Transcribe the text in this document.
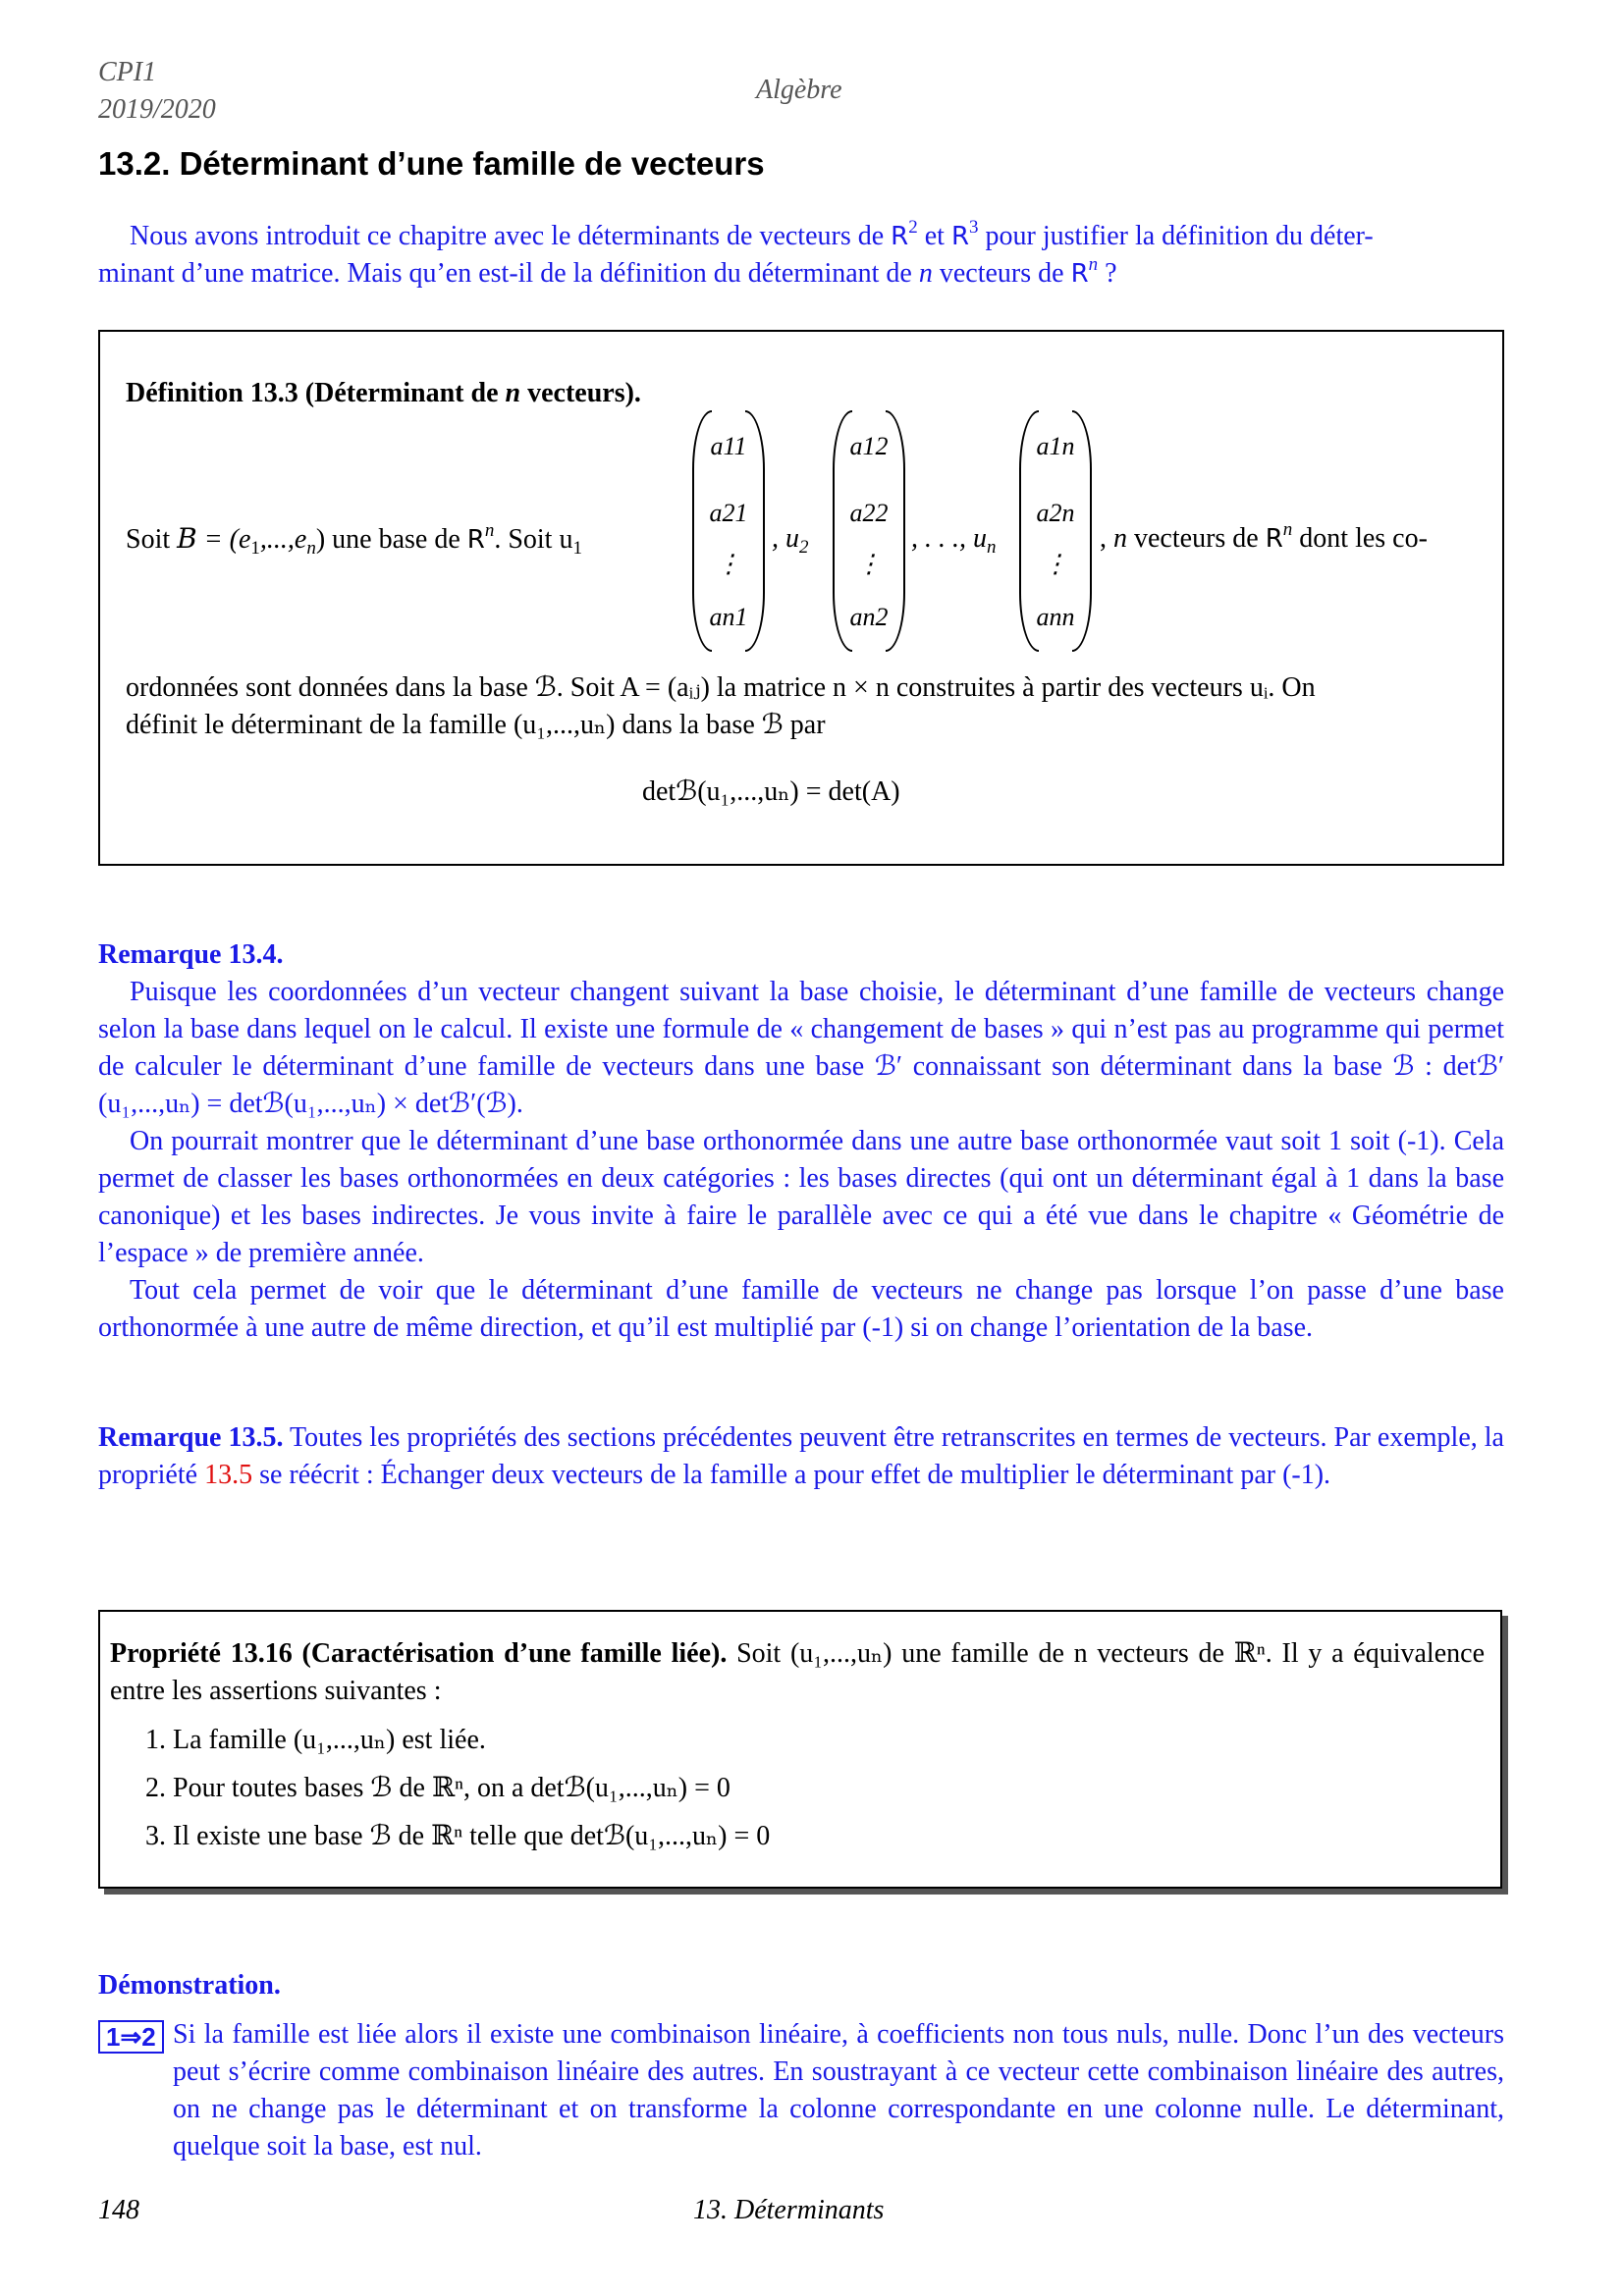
CPI1
2019/2020
Algèbre
13.2. Déterminant d’une famille de vecteurs

Nous avons introduit ce chapitre avec le déterminants de vecteurs de $R^2$ et $R^3$ pour justifier la définition du déter-

minant d’une matrice. Mais qu’en est-il de la définition du déterminant de n vecteurs de $R^n$ ?

Définition 13.3 (Déterminant de n vecteurs).
Soit $B = (e_1,...,e_n)$ une base de $R^n$. Soit $u_1$
a11
a21
⋮
an1
, $u_2$
a12
a22
⋮
an2
, . . ., $u_n$
a1n
a2n
⋮
ann
, n vecteurs de $R^n$ dont les co-
ordonnées sont données dans la base ℬ. Soit A = (aᵢⱼ) la matrice n × n construites à partir des vecteurs uᵢ. On
définit le déterminant de la famille (u₁,...,uₙ) dans la base ℬ par
detℬ(u₁,...,uₙ) = det(A)

Remarque 13.4.

Puisque les coordonnées d’un vecteur changent suivant la base choisie, le déterminant d’une famille de vecteurs change selon la base dans lequel on le calcul. Il existe une formule de « changement de bases » qui n’est pas au programme qui permet de calculer le déterminant d’une famille de vecteurs dans une base ℬ′ connaissant son déterminant dans la base ℬ : detℬ′(u₁,...,uₙ) = detℬ(u₁,...,uₙ) × detℬ′(ℬ).

On pourrait montrer que le déterminant d’une base orthonormée dans une autre base orthonormée vaut soit 1 soit (-1). Cela permet de classer les bases orthonormées en deux catégories : les bases directes (qui ont un déterminant égal à 1 dans la base canonique) et les bases indirectes. Je vous invite à faire le parallèle avec ce qui a été vue dans le chapitre « Géométrie de l’espace » de première année.

Tout cela permet de voir que le déterminant d’une famille de vecteurs ne change pas lorsque l’on passe d’une base orthonormée à une autre de même direction, et qu’il est multiplié par (-1) si on change l’orientation de la base.

Remarque 13.5. Toutes les propriétés des sections précédentes peuvent être retranscrites en termes de vecteurs. Par exemple, la propriété 13.5 se réécrit : Échanger deux vecteurs de la famille a pour effet de multiplier le déterminant par (-1).

Propriété 13.16 (Caractérisation d’une famille liée). Soit (u₁,...,uₙ) une famille de n vecteurs de ℝⁿ. Il y a équivalence entre les assertions suivantes :

1. La famille (u₁,...,uₙ) est liée.
2. Pour toutes bases ℬ de ℝⁿ, on a detℬ(u₁,...,uₙ) = 0
3. Il existe une base ℬ de ℝⁿ telle que detℬ(u₁,...,uₙ) = 0
Démonstration.
1⇒2 Si la famille est liée alors il existe une combinaison linéaire, à coefficients non tous nuls, nulle. Donc l’un des vecteurs peut s’écrire comme combinaison linéaire des autres. En soustrayant à ce vecteur cette combinaison linéaire des autres, on ne change pas le déterminant et on transforme la colonne correspondante en une colonne nulle. Le déterminant, quelque soit la base, est nul.

148	13. Déterminants
